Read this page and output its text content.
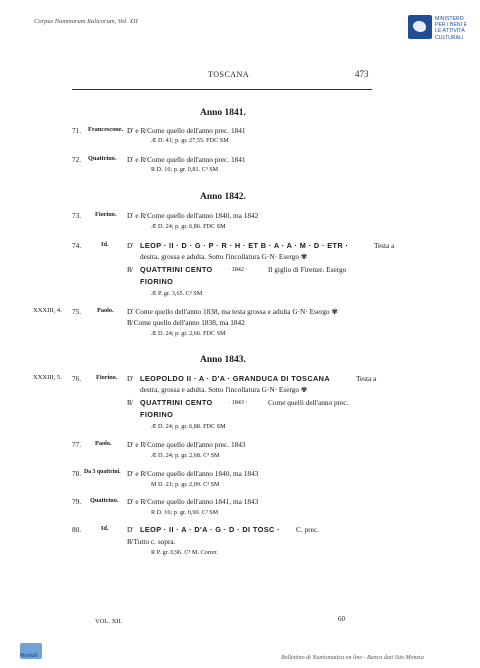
Corpus Nummorum Italicorum, Vol. XII	MINISTERO
PER I BENI E
LE ATTIVITÀ
CULTURALI
TOSCANA	473
Anno 1841.
71. Francescone. D' e R̸ Come quello dell'anno prec. 1841
Æ D. 41; p. gr. 27,55. FDC SM
72. Quattrino. D' e R̸ Come quello dell'anno prec. 1841
R D. 16; p. gr. 0,81. C³ SM
Anno 1842.
73. Fiorino. D' e R̸ Come quello dell'anno 1840, ma 1842
Æ D. 24; p. gr. 6,86. FDC SM
74.	Id.	D' LEOP · II · D · G · P · R · H · ET B · A · A · M · D · ETR ·	Testa a
destra, grossa e adulta. Sotto l'incollatura G·N· Esergo ✾
R̸ QUATTRINI CENTO · 1842 ·	Il giglio di Firenze. Esergo
FIORINO
Æ P. gr. 3,65. C³ SM
XXXIII, 4. 75.	Paolo. D' Come quello dell'anno 1838, ma testa grossa e adulta G·N· Esergo ✾
R̸ Come quello dell'anno 1838, ma 1842
Æ D. 24; p. gr. 2,66. FDC SM
Anno 1843.
XXXIII, 5. 76. Fiorino. D' LEOPOLDO II · A · D'A · GRANDUCA DI TOSCANA	Testa a
destra, grossa e adulta. Sotto l'incollatura G·N· Esergo ✾
R̸ QUATTRINI CENTO · 1843 ·	Come quelli dell'anno prec.
FIORINO
Æ D. 24; p. gr. 6,88. FDC SM
77. Paolo. D' e R̸ Come quello dell'anno prec. 1843
Æ D. 24; p. gr. 2,68. C³ SM
78. Da 3 quattrini. D' e R̸ Come quello dell'anno 1840, ma 1843
M D. 21; p. gr. 2,09. C³ SM
79. Quattrino. D' e R̸ Come quello dell'anno 1841, ma 1843
R D. 16; p. gr. 0,90. C³ SM
80.	Id.	D' LEOP · II · A · D'A · G · D · DI TOSC · C. prec.
R̸ Tutto c. sopra.
R P. gr. 0,96. C³ M. Correr.
VOL. XII.	60
Moduli	Bollettino di Numismatica on line - Banca dati Sito Moneta
